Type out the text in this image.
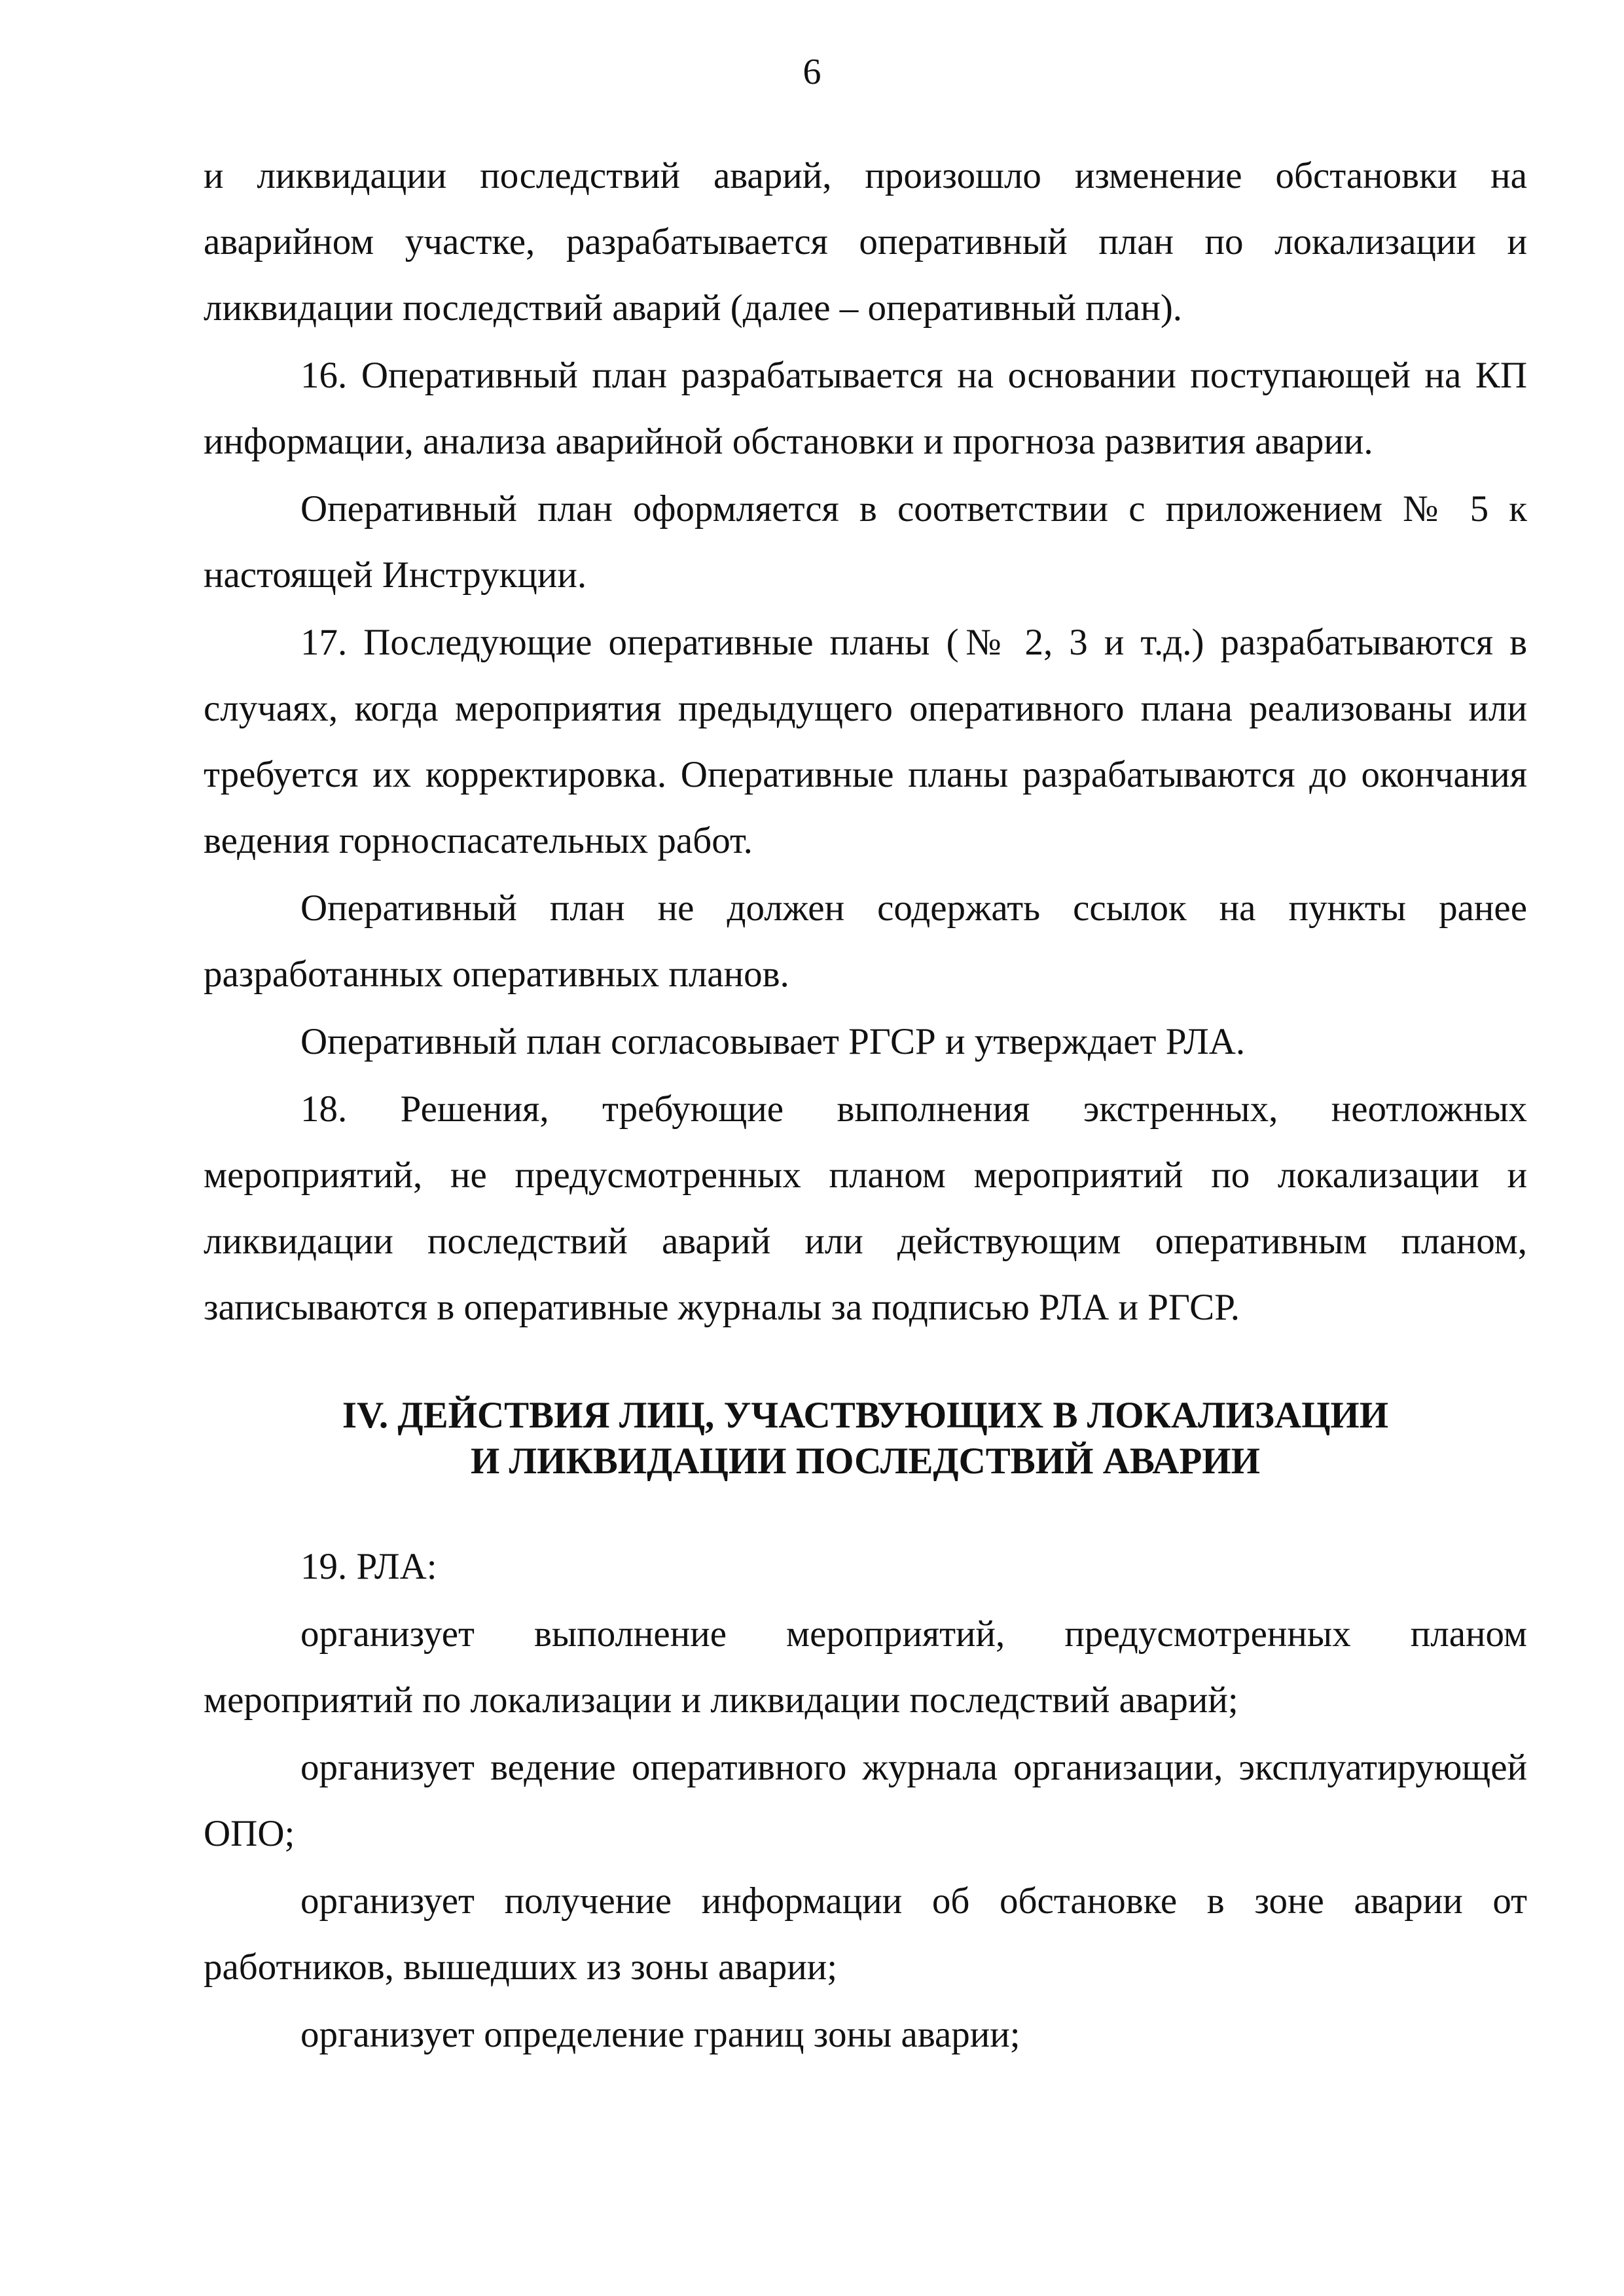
6

и ликвидации последствий аварий, произошло изменение обстановки на аварийном участке, разрабатывается оперативный план по локализации и ликвидации последствий аварий (далее – оперативный план).

16. Оперативный план разрабатывается на основании поступающей на КП информации, анализа аварийной обстановки и прогноза развития аварии.

Оперативный план оформляется в соответствии с приложением № 5 к настоящей Инструкции.

17. Последующие оперативные планы (№ 2, 3 и т.д.) разрабатываются в случаях, когда мероприятия предыдущего оперативного плана реализованы или требуется их корректировка. Оперативные планы разрабатываются до окончания ведения горноспасательных работ.

Оперативный план не должен содержать ссылок на пункты ранее разработанных оперативных планов.

Оперативный план согласовывает РГСР и утверждает РЛА.

18. Решения, требующие выполнения экстренных, неотложных мероприятий, не предусмотренных планом мероприятий по локализации и ликвидации последствий аварий или действующим оперативным планом, записываются в оперативные журналы за подписью РЛА и РГСР.

IV. ДЕЙСТВИЯ ЛИЦ, УЧАСТВУЮЩИХ В ЛОКАЛИЗАЦИИ
И ЛИКВИДАЦИИ ПОСЛЕДСТВИЙ АВАРИИ

19. РЛА:

организует выполнение мероприятий, предусмотренных планом мероприятий по локализации и ликвидации последствий аварий;

организует ведение оперативного журнала организации, эксплуатирующей ОПО;

организует получение информации об обстановке в зоне аварии от работников, вышедших из зоны аварии;

организует определение границ зоны аварии;
